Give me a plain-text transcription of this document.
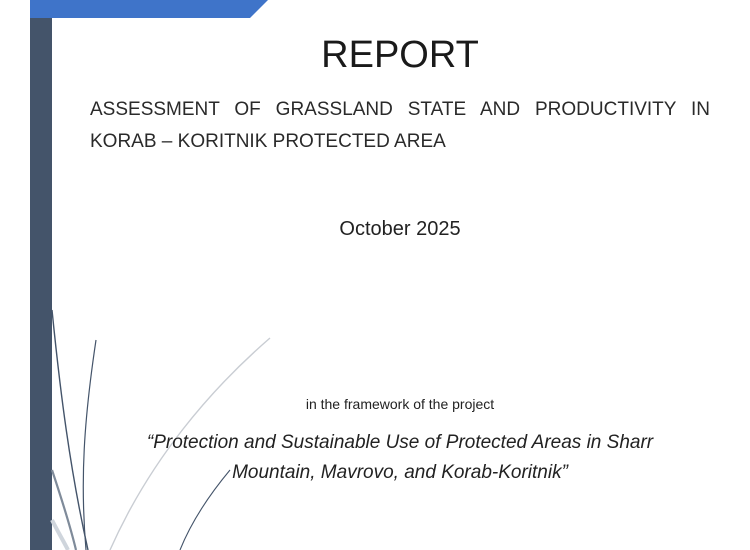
REPORT
ASSESSMENT OF GRASSLAND STATE AND PRODUCTIVITY IN KORAB – KORITNIK PROTECTED AREA
October 2025
in the framework of the project
“Protection and Sustainable Use of Protected Areas in Sharr Mountain, Mavrovo, and Korab-Koritnik”
